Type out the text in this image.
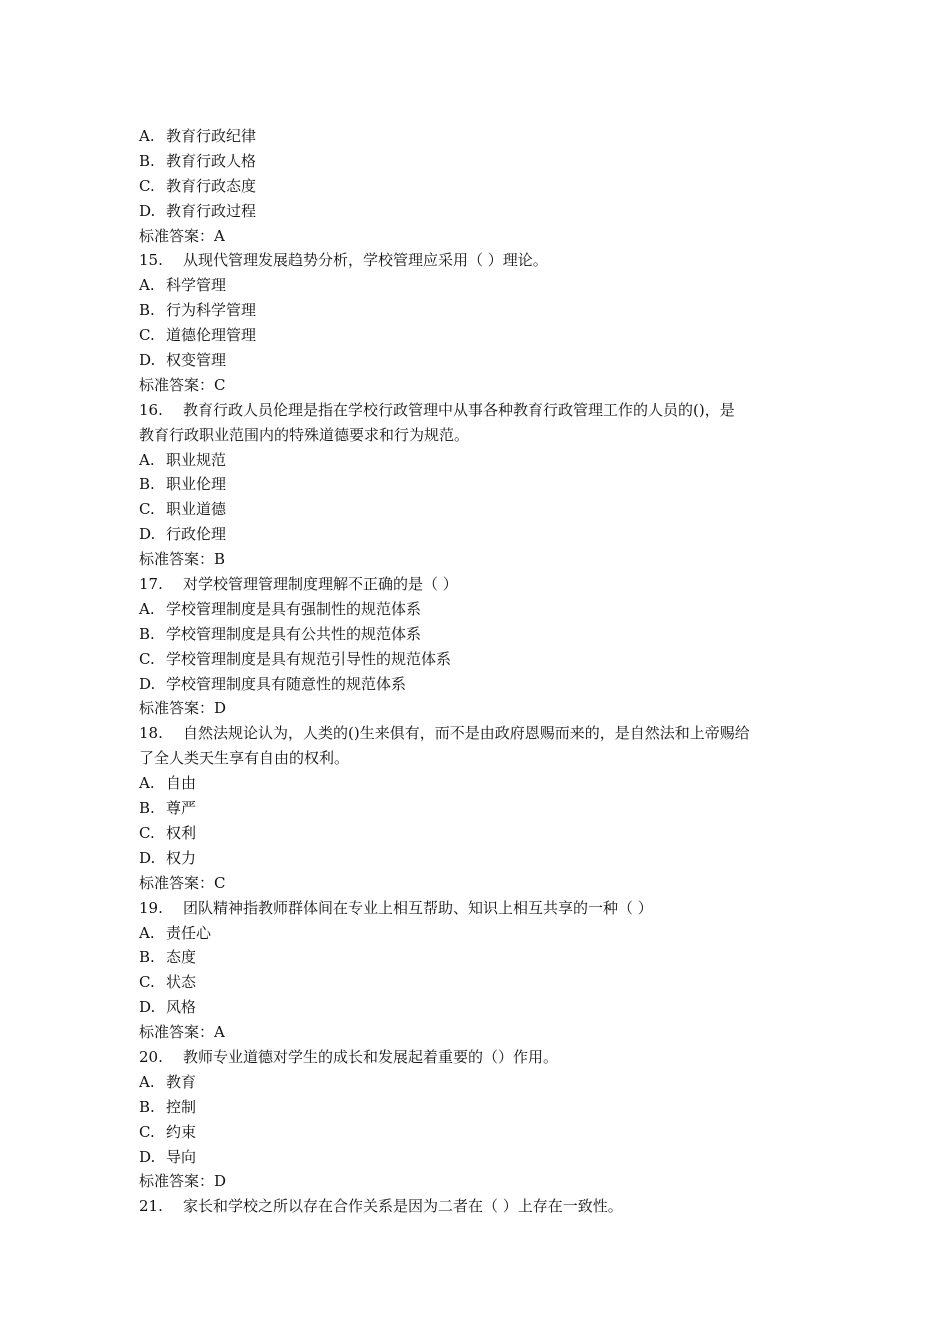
A. 教育行政纪律
B. 教育行政人格
C. 教育行政态度
D. 教育行政过程
标准答案：A
15. 从现代管理发展趋势分析，学校管理应采用（ ）理论。
A. 科学管理
B. 行为科学管理
C. 道德伦理管理
D. 权变管理
标准答案：C
16. 教育行政人员伦理是指在学校行政管理中从事各种教育行政管理工作的人员的()，是
教育行政职业范围内的特殊道德要求和行为规范。
A. 职业规范
B. 职业伦理
C. 职业道德
D. 行政伦理
标准答案：B
17. 对学校管理管理制度理解不正确的是（ ）
A. 学校管理制度是具有强制性的规范体系
B. 学校管理制度是具有公共性的规范体系
C. 学校管理制度是具有规范引导性的规范体系
D. 学校管理制度具有随意性的规范体系
标准答案：D
18. 自然法规论认为，人类的()生来俱有，而不是由政府恩赐而来的，是自然法和上帝赐给
了全人类天生享有自由的权利。
A. 自由
B. 尊严
C. 权利
D. 权力
标准答案：C
19. 团队精神指教师群体间在专业上相互帮助、知识上相互共享的一种（ ）
A. 责任心
B. 态度
C. 状态
D. 风格
标准答案：A
20. 教师专业道德对学生的成长和发展起着重要的（）作用。
A. 教育
B. 控制
C. 约束
D. 导向
标准答案：D
21. 家长和学校之所以存在合作关系是因为二者在（ ）上存在一致性。
